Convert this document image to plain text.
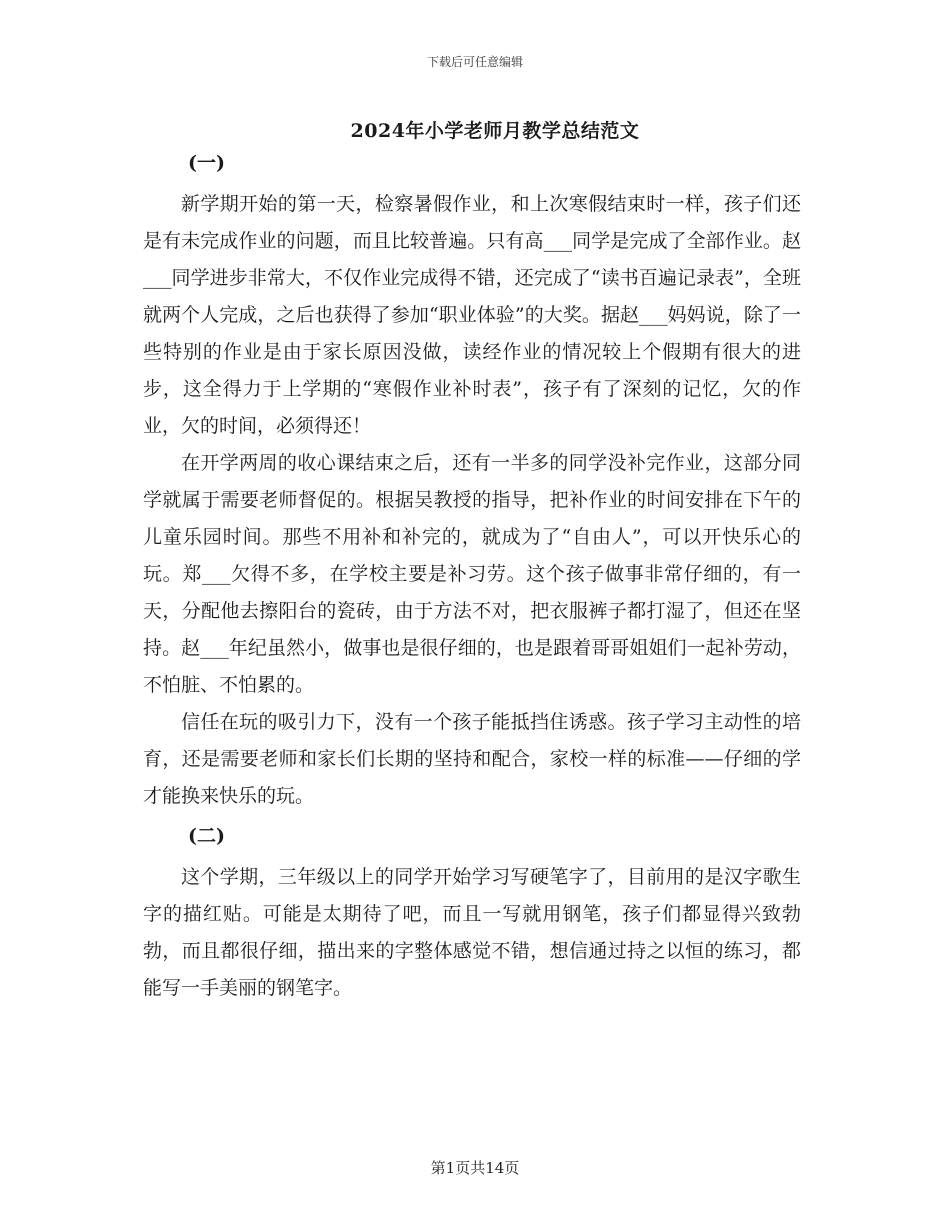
下载后可任意编辑
2024年小学老师月教学总结范文
(一)

新学期开始的第一天，检察暑假作业，和上次寒假结束时一样，孩子们还是有未完成作业的问题，而且比较普遍。只有高___同学是完成了全部作业。赵___同学进步非常大，不仅作业完成得不错，还完成了“读书百遍记录表”，全班就两个人完成，之后也获得了参加“职业体验”的大奖。据赵___妈妈说，除了一些特别的作业是由于家长原因没做，读经作业的情况较上个假期有很大的进步，这全得力于上学期的“寒假作业补时表”，孩子有了深刻的记忆，欠的作业，欠的时间，必须得还！

在开学两周的收心课结束之后，还有一半多的同学没补完作业，这部分同学就属于需要老师督促的。根据吴教授的指导，把补作业的时间安排在下午的儿童乐园时间。那些不用补和补完的，就成为了“自由人”，可以开快乐心的玩。郑___欠得不多，在学校主要是补习劳。这个孩子做事非常仔细的，有一天，分配他去擦阳台的瓷砖，由于方法不对，把衣服裤子都打湿了，但还在坚持。赵___年纪虽然小，做事也是很仔细的，也是跟着哥哥姐姐们一起补劳动，不怕脏、不怕累的。

信任在玩的吸引力下，没有一个孩子能抵挡住诱惑。孩子学习主动性的培育，还是需要老师和家长们长期的坚持和配合，家校一样的标准——仔细的学才能换来快乐的玩。

(二)

这个学期，三年级以上的同学开始学习写硬笔字了，目前用的是汉字歌生字的描红贴。可能是太期待了吧，而且一写就用钢笔，孩子们都显得兴致勃勃，而且都很仔细，描出来的字整体感觉不错，想信通过持之以恒的练习，都能写一手美丽的钢笔字。

第1页共14页
